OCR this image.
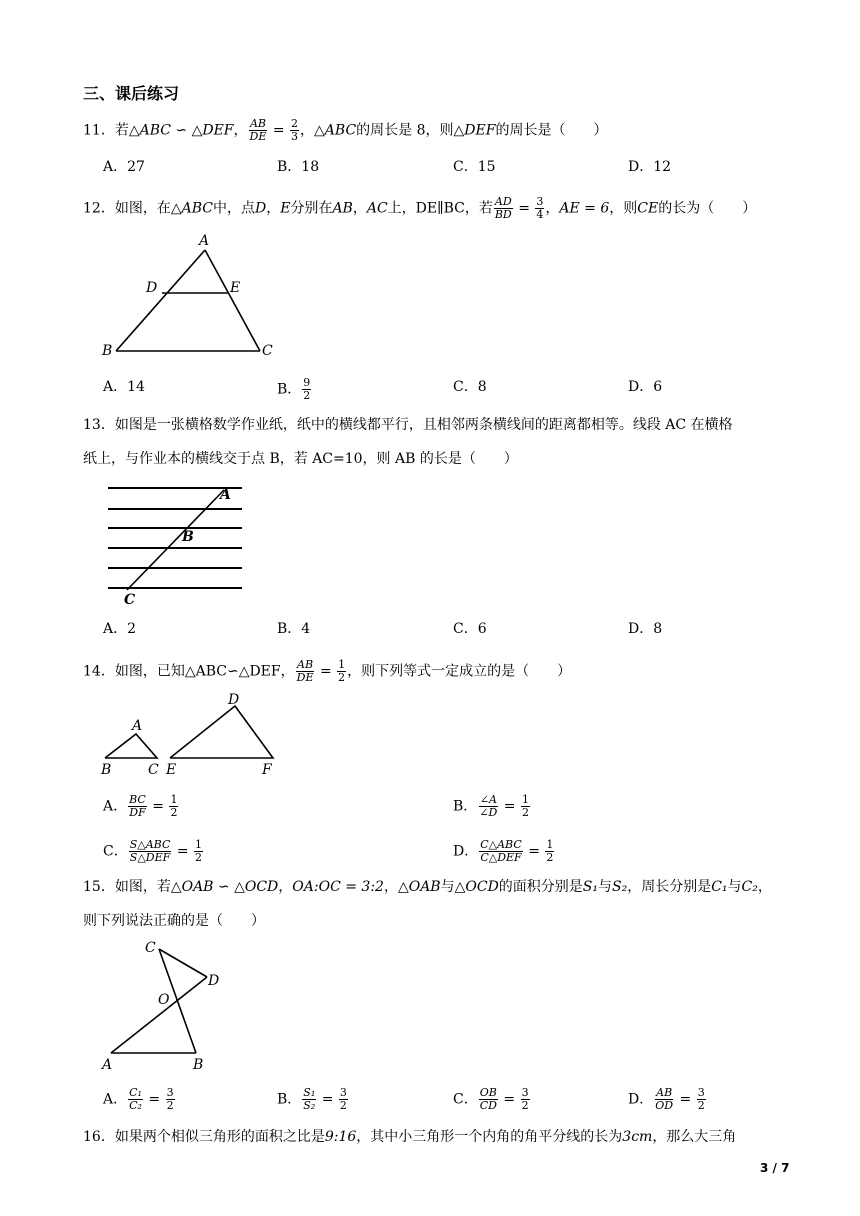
三、课后练习
11．若△ABC ∽ △DEF， $\frac{AB}{DE} = \frac{2}{3}$ ，△ABC的周长是 8，则△DEF的周长是（　　）
A．27	B．18	C．15	D．12
12．如图，在△ABC中，点D，E分别在AB，AC上，DE∥BC，若 $\frac{AD}{BD} = \frac{3}{4}$ ，AE = 6，则CE的长为（　　）
A
D	E
B	C
A．14	B． $\frac{9}{2}$	C．8	D．6
13．如图是一张横格数学作业纸，纸中的横线都平行，且相邻两条横线间的距离都相等。线段 AC 在横格
纸上，与作业本的横线交于点 B，若 AC=10，则 AB 的长是（　　）
A
B
C
A．2	B．4	C．6	D．8
14．如图，已知△ABC∽△DEF， $\frac{AB}{DE} = \frac{1}{2}$ ，则下列等式一定成立的是（　　）
A
B	C
D
E	F
A． $\frac{BC}{DF} = \frac{1}{2}$	B． $\frac{\angle A}{\angle D} = \frac{1}{2}$
C． $\frac{\text{S△ABC}}{\text{S△DEF}} = \frac{1}{2}$	D． $\frac{\text{C△ABC}}{\text{C△DEF}} = \frac{1}{2}$
15．如图，若△OAB ∽ △OCD，OA:OC = 3:2，△OAB与△OCD的面积分别是S₁与S₂，周长分别是C₁与C₂，
则下列说法正确的是（　　）
C
D
O
A	B
A． $\frac{\text{C₁}}{\text{C₂}} = \frac{3}{2}$	B． $\frac{\text{S₁}}{\text{S₂}} = \frac{3}{2}$	C． $\frac{OB}{CD} = \frac{3}{2}$	D． $\frac{AB}{OD} = \frac{3}{2}$
16．如果两个相似三角形的面积之比是9:16，其中小三角形一个内角的角平分线的长为3cm，那么大三角
3 / 7
